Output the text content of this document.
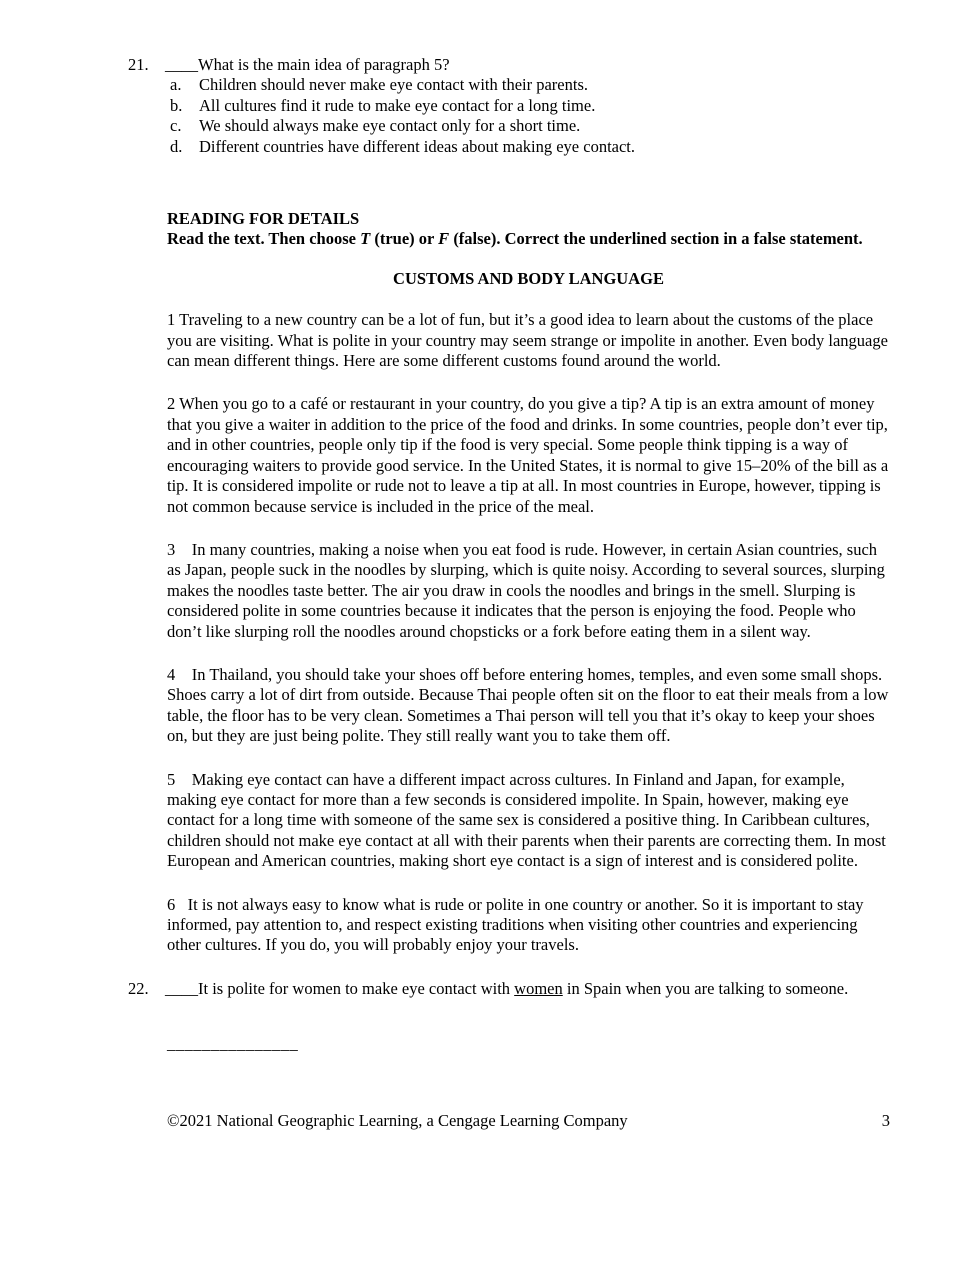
21. ____What is the main idea of paragraph 5?
a.	Children should never make eye contact with their parents.
b.	All cultures find it rude to make eye contact for a long time.
c.	We should always make eye contact only for a short time.
d.	Different countries have different ideas about making eye contact.
READING FOR DETAILS
Read the text. Then choose T (true) or F (false). Correct the underlined section in a false statement.
CUSTOMS AND BODY LANGUAGE
1 Traveling to a new country can be a lot of fun, but it’s a good idea to learn about the customs of the place you are visiting. What is polite in your country may seem strange or impolite in another. Even body language can mean different things. Here are some different customs found around the world.
2 When you go to a café or restaurant in your country, do you give a tip? A tip is an extra amount of money that you give a waiter in addition to the price of the food and drinks. In some countries, people don’t ever tip, and in other countries, people only tip if the food is very special. Some people think tipping is a way of encouraging waiters to provide good service. In the United States, it is normal to give 15–20% of the bill as a tip. It is considered impolite or rude not to leave a tip at all. In most countries in Europe, however, tipping is not common because service is included in the price of the meal.
3    In many countries, making a noise when you eat food is rude. However, in certain Asian countries, such as Japan, people suck in the noodles by slurping, which is quite noisy. According to several sources, slurping makes the noodles taste better. The air you draw in cools the noodles and brings in the smell. Slurping is considered polite in some countries because it indicates that the person is enjoying the food. People who don’t like slurping roll the noodles around chopsticks or a fork before eating them in a silent way.
4    In Thailand, you should take your shoes off before entering homes, temples, and even some small shops. Shoes carry a lot of dirt from outside. Because Thai people often sit on the floor to eat their meals from a low table, the floor has to be very clean. Sometimes a Thai person will tell you that it’s okay to keep your shoes on, but they are just being polite. They still really want you to take them off.
5    Making eye contact can have a different impact across cultures. In Finland and Japan, for example, making eye contact for more than a few seconds is considered impolite. In Spain, however, making eye contact for a long time with someone of the same sex is considered a positive thing. In Caribbean cultures, children should not make eye contact at all with their parents when their parents are correcting them. In most European and American countries, making short eye contact is a sign of interest and is considered polite.
6   It is not always easy to know what is rude or polite in one country or another. So it is important to stay informed, pay attention to, and respect existing traditions when visiting other countries and experiencing other cultures. If you do, you will probably enjoy your travels.
22. ____It is polite for women to make eye contact with women in Spain when you are talking to someone.
_______________
©2021 National Geographic Learning, a Cengage Learning Company	3
